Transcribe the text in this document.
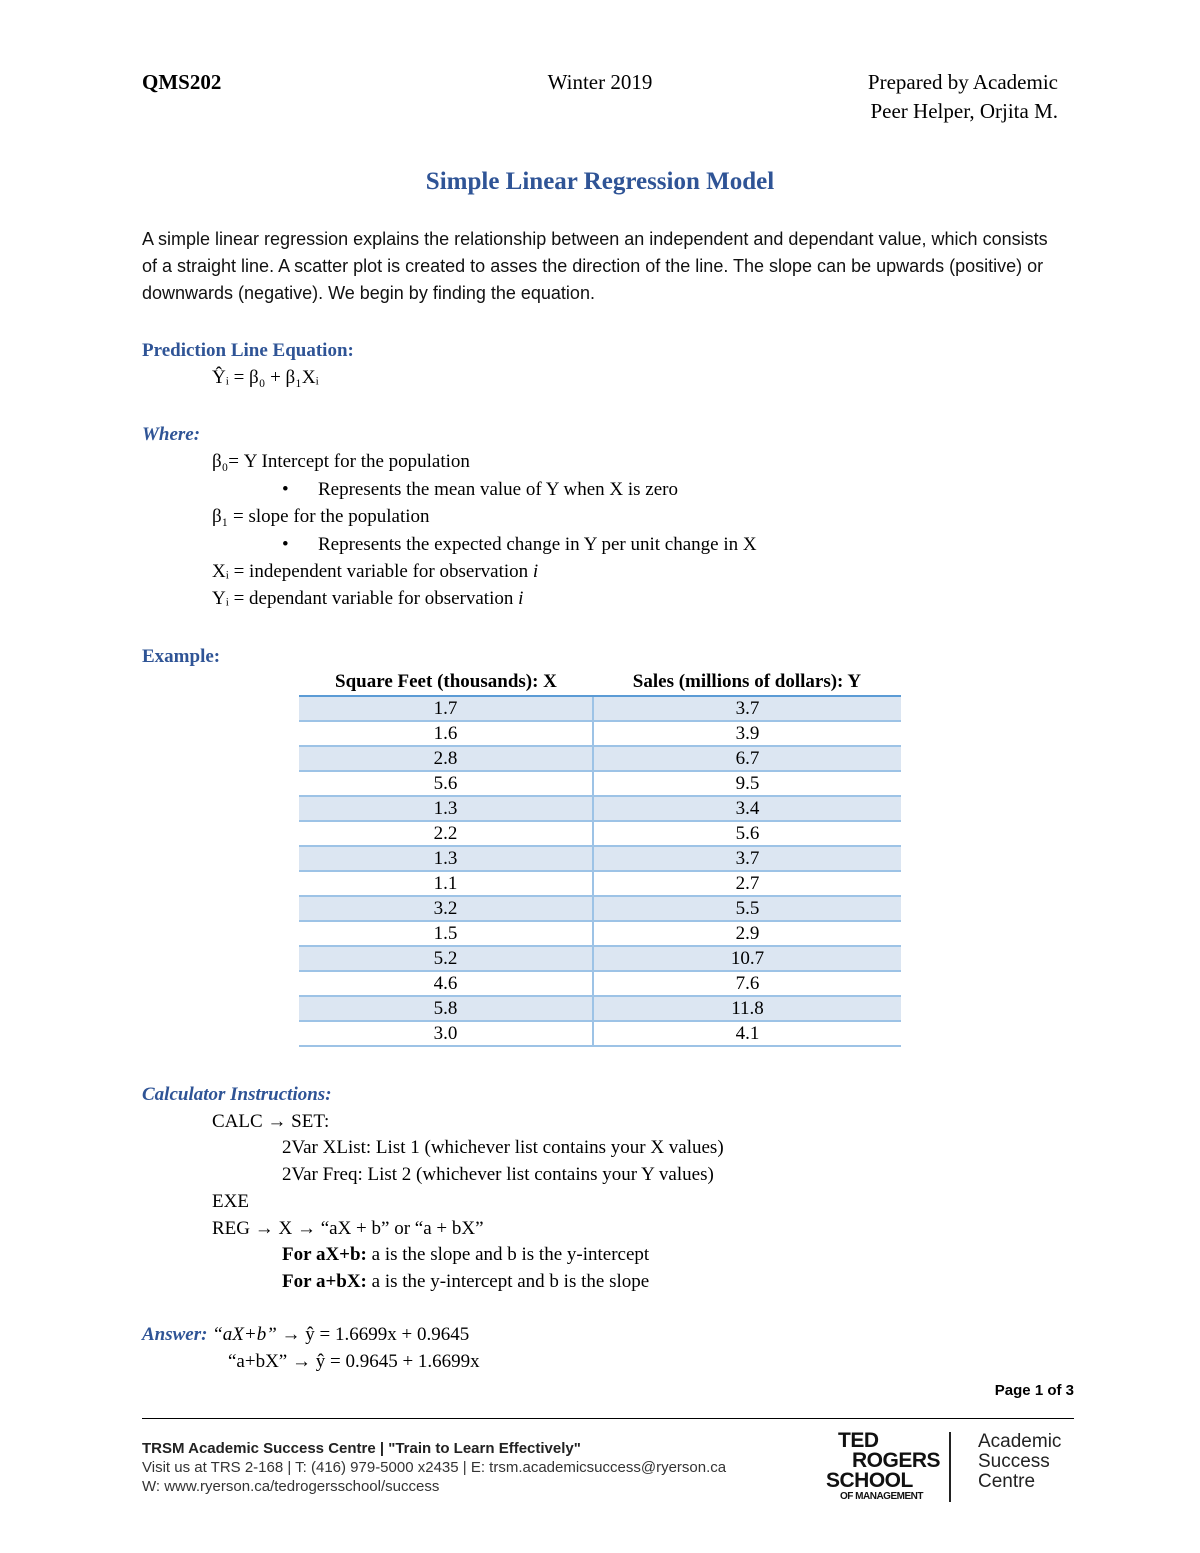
QMS202	Winter 2019	Prepared by Academic
Peer Helper, Orjita M.
Simple Linear Regression Model
A simple linear regression explains the relationship between an independent and dependant value, which consists of a straight line. A scatter plot is created to asses the direction of the line. The slope can be upwards (positive) or downwards (negative). We begin by finding the equation.
Prediction Line Equation:
Ŷᵢ = β₀ + β₁Xᵢ
Where:
β₀= Y Intercept for the population
• Represents the mean value of Y when X is zero
β₁ = slope for the population
• Represents the expected change in Y per unit change in X
Xᵢ = independent variable for observation i
Yᵢ = dependant variable for observation i
Example:
Square Feet (thousands): X	Sales (millions of dollars): Y
1.7	3.7
1.6	3.9
2.8	6.7
5.6	9.5
1.3	3.4
2.2	5.6
1.3	3.7
1.1	2.7
3.2	5.5
1.5	2.9
5.2	10.7
4.6	7.6
5.8	11.8
3.0	4.1
Calculator Instructions:
CALC → SET:
2Var XList: List 1 (whichever list contains your X values)
2Var Freq: List 2 (whichever list contains your Y values)
EXE
REG → X → “aX + b” or “a + bX”
For aX+b: a is the slope and b is the y-intercept
For a+bX: a is the y-intercept and b is the slope
Answer: “aX+b” → ŷ = 1.6699x + 0.9645
“a+bX” → ŷ = 0.9645 + 1.6699x
Page 1 of 3
TRSM Academic Success Centre | "Train to Learn Effectively"
Visit us at TRS 2-168 | T: (416) 979-5000 x2435 | E: trsm.academicsuccess@ryerson.ca
W: www.ryerson.ca/tedrogersschool/success
TED
ROGERS
SCHOOL
OF MANAGEMENT
Academic
Success
Centre
